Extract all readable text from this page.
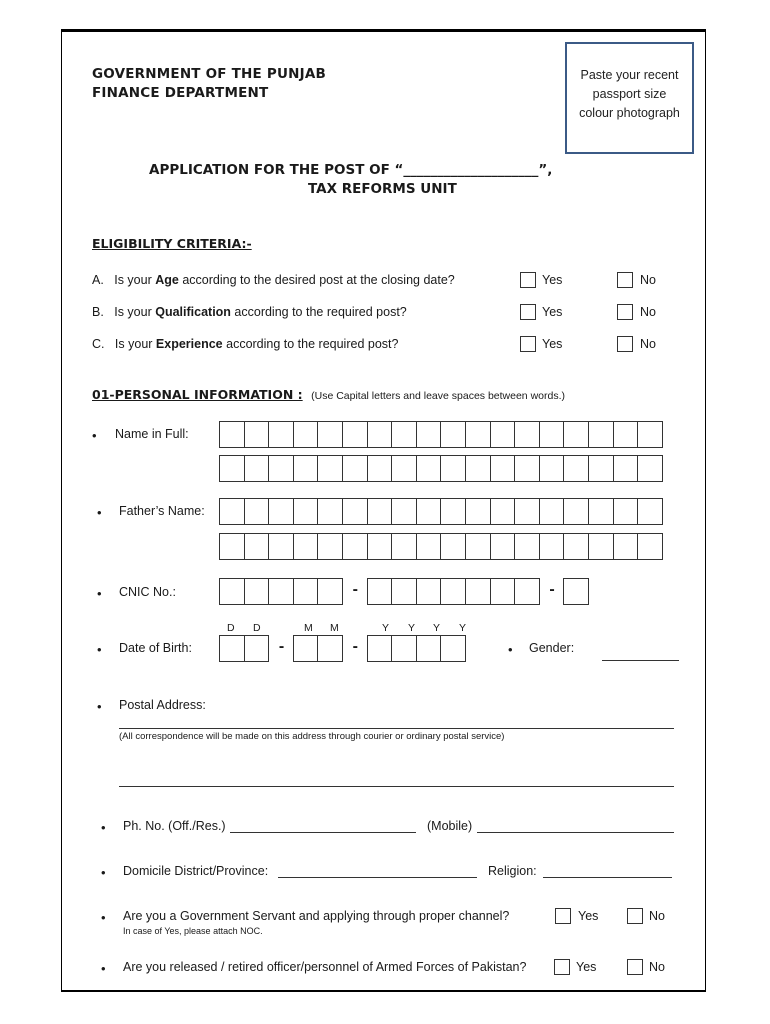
GOVERNMENT OF THE PUNJAB
FINANCE DEPARTMENT
Paste your recent
passport size
colour photograph
APPLICATION FOR THE POST OF “____________________”,
TAX REFORMS UNIT
ELIGIBILITY CRITERIA:-
A. Is your Age according to the desired post at the closing date?	Yes	No
B. Is your Qualification according to the required post?	Yes	No
C. Is your Experience according to the required post?	Yes	No
01-PERSONAL INFORMATION : (Use Capital letters and leave spaces between words.)
• Name in Full:
• Father’s Name:
• CNIC No.:	-	-
D D	M M	Y Y Y Y
• Date of Birth:	-	-	• Gender:
• Postal Address:
(All correspondence will be made on this address through courier or ordinary postal service)
• Ph. No. (Off./Res.)	(Mobile)
• Domicile District/Province:	Religion:
• Are you a Government Servant and applying through proper channel?
In case of Yes, please attach NOC.
Yes	No
• Are you released / retired officer/personnel of Armed Forces of Pakistan?	Yes	No
